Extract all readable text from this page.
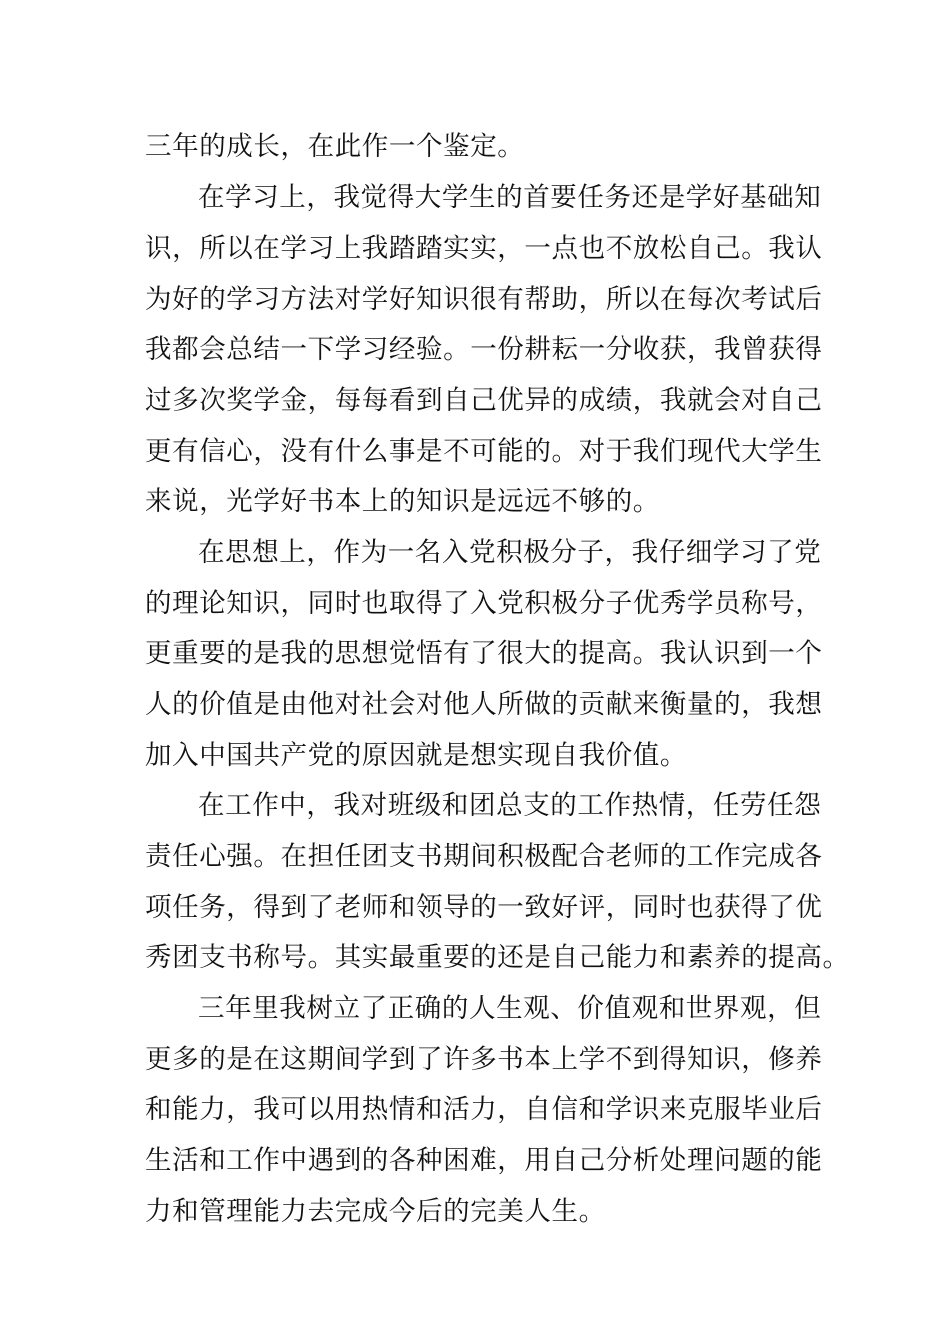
三年的成长，在此作一个鉴定。
在学习上，我觉得大学生的首要任务还是学好基础知
识，所以在学习上我踏踏实实，一点也不放松自己。我认
为好的学习方法对学好知识很有帮助，所以在每次考试后
我都会总结一下学习经验。一份耕耘一分收获，我曾获得
过多次奖学金，每每看到自己优异的成绩，我就会对自己
更有信心，没有什么事是不可能的。对于我们现代大学生
来说，光学好书本上的知识是远远不够的。
在思想上，作为一名入党积极分子，我仔细学习了党
的理论知识，同时也取得了入党积极分子优秀学员称号，
更重要的是我的思想觉悟有了很大的提高。我认识到一个
人的价值是由他对社会对他人所做的贡献来衡量的，我想
加入中国共产党的原因就是想实现自我价值。
在工作中，我对班级和团总支的工作热情，任劳任怨
责任心强。在担任团支书期间积极配合老师的工作完成各
项任务，得到了老师和领导的一致好评，同时也获得了优
秀团支书称号。其实最重要的还是自己能力和素养的提高。
三年里我树立了正确的人生观、价值观和世界观，但
更多的是在这期间学到了许多书本上学不到得知识，修养
和能力，我可以用热情和活力，自信和学识来克服毕业后
生活和工作中遇到的各种困难，用自己分析处理问题的能
力和管理能力去完成今后的完美人生。
